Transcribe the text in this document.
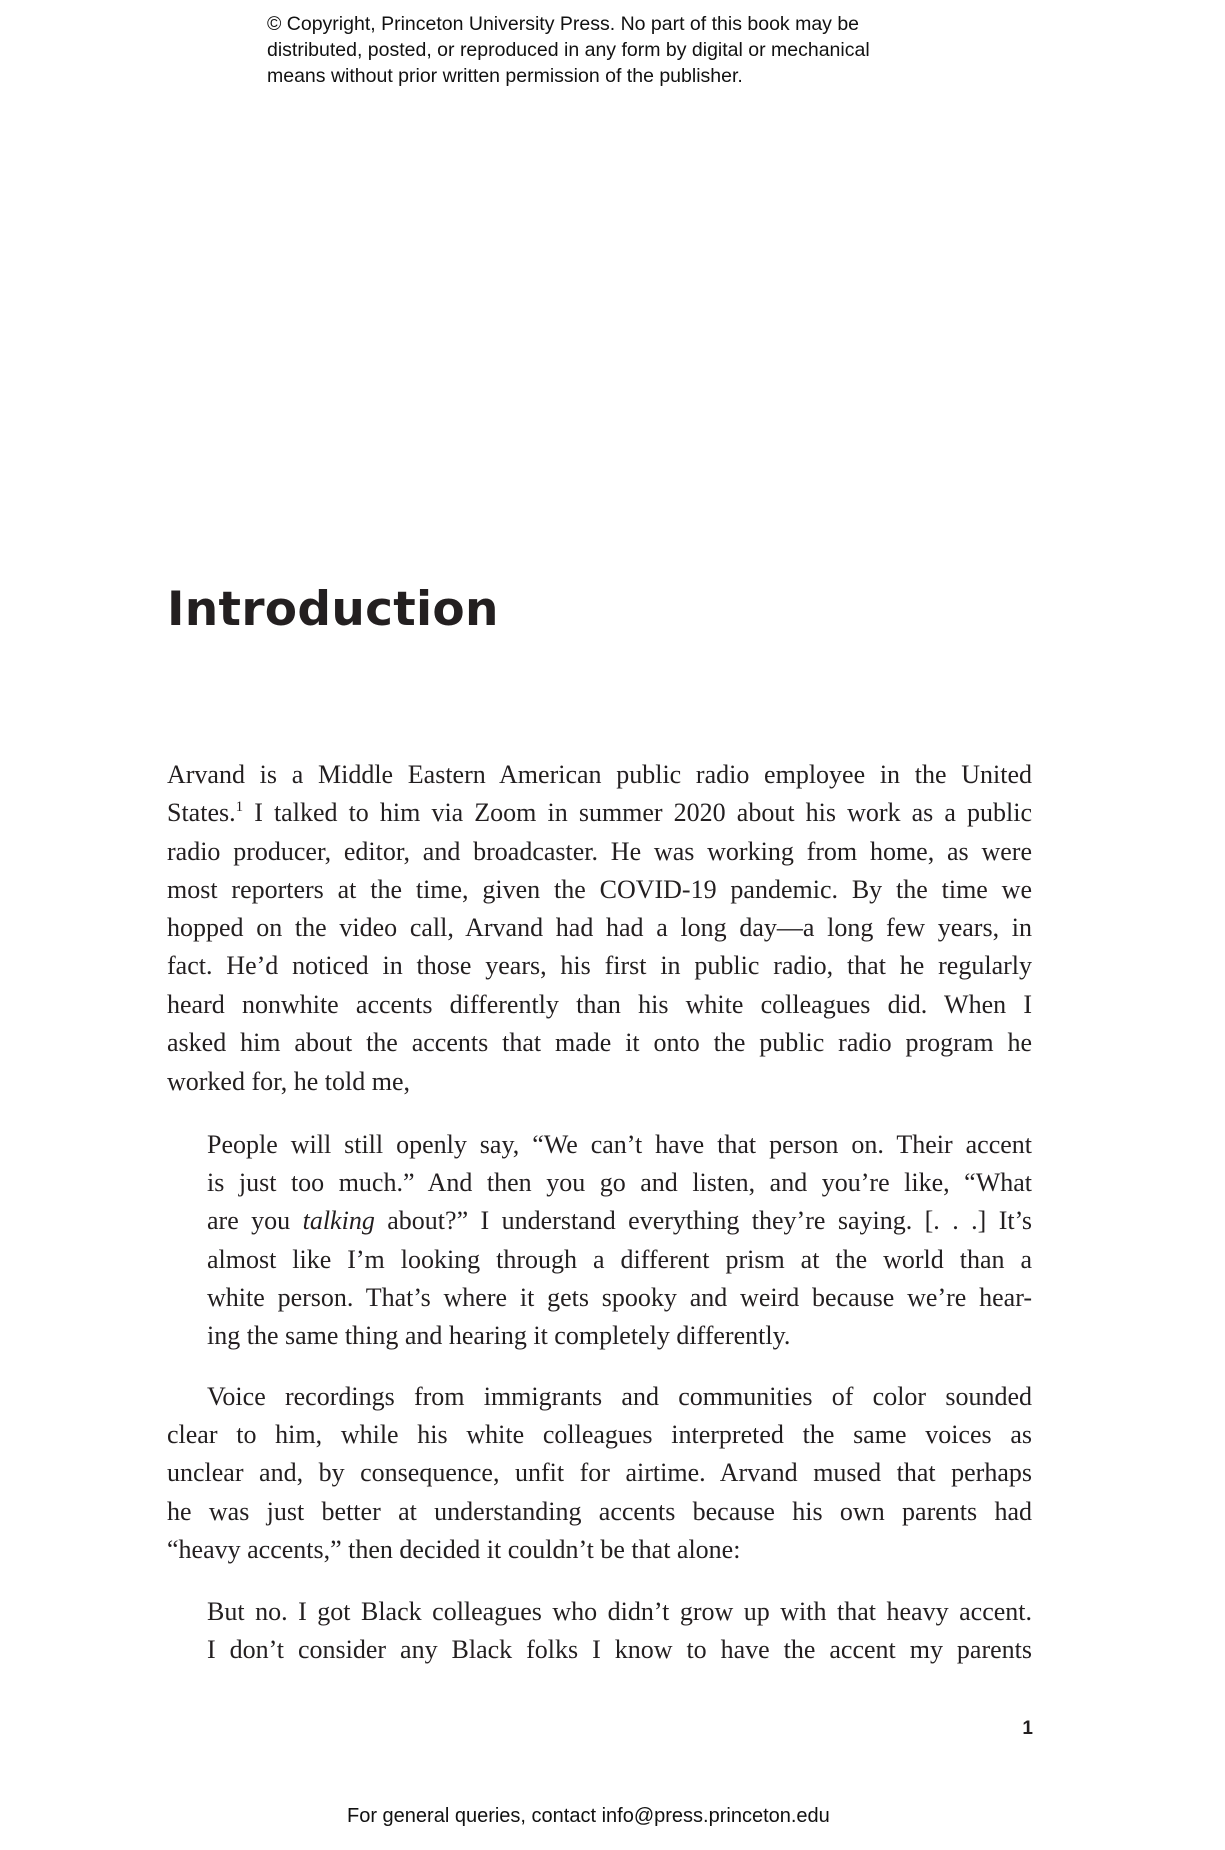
© Copyright, Princeton University Press. No part of this book may be
distributed, posted, or reproduced in any form by digital or mechanical
means without prior written permission of the publisher.
Introduction
Arvand is a Middle Eastern American public radio employee in the United
States.$^1$ I talked to him via Zoom in summer 2020 about his work as a public
radio producer, editor, and broadcaster. He was working from home, as were
most reporters at the time, given the COVID-19 pandemic. By the time we
hopped on the video call, Arvand had had a long day—a long few years, in
fact. He’d noticed in those years, his first in public radio, that he regularly
heard nonwhite accents differently than his white colleagues did. When I
asked him about the accents that made it onto the public radio program he
worked for, he told me,
People will still openly say, “We can’t have that person on. Their accent
is just too much.” And then you go and listen, and you’re like, “What
are you talking about?” I understand everything they’re saying. [. . .] It’s
almost like I’m looking through a different prism at the world than a
white person. That’s where it gets spooky and weird because we’re hear-
ing the same thing and hearing it completely differently.
Voice recordings from immigrants and communities of color sounded
clear to him, while his white colleagues interpreted the same voices as
unclear and, by consequence, unfit for airtime. Arvand mused that perhaps
he was just better at understanding accents because his own parents had
“heavy accents,” then decided it couldn’t be that alone:
But no. I got Black colleagues who didn’t grow up with that heavy accent.
I don’t consider any Black folks I know to have the accent my parents
1
For general queries, contact info@press.princeton.edu
